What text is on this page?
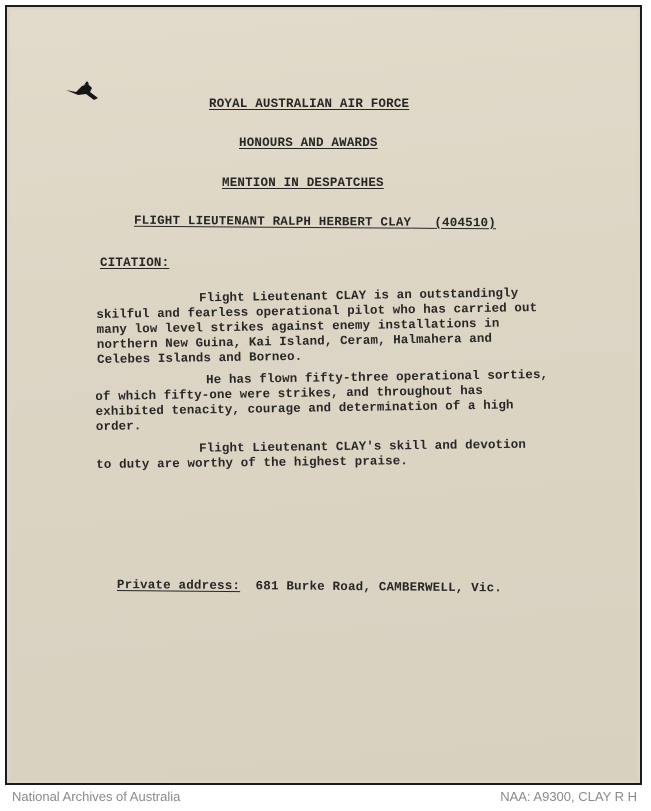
ROYAL AUSTRALIAN AIR FORCE
HONOURS AND AWARDS
MENTION IN DESPATCHES
FLIGHT LIEUTENANT RALPH HERBERT CLAY (404510)
CITATION:
Flight Lieutenant CLAY is an outstandingly
skilful and fearless operational pilot who has carried out
many low level strikes against enemy installations in
northern New Guina, Kai Island, Ceram, Halmahera and
Celebes Islands and Borneo.
He has flown fifty-three operational sorties,
of which fifty-one were strikes, and throughout has
exhibited tenacity, courage and determination of a high
order.
Flight Lieutenant CLAY's skill and devotion
to duty are worthy of the highest praise.
Private address: 681 Burke Road, CAMBERWELL, Vic.
National Archives of Australia	NAA: A9300, CLAY R H
